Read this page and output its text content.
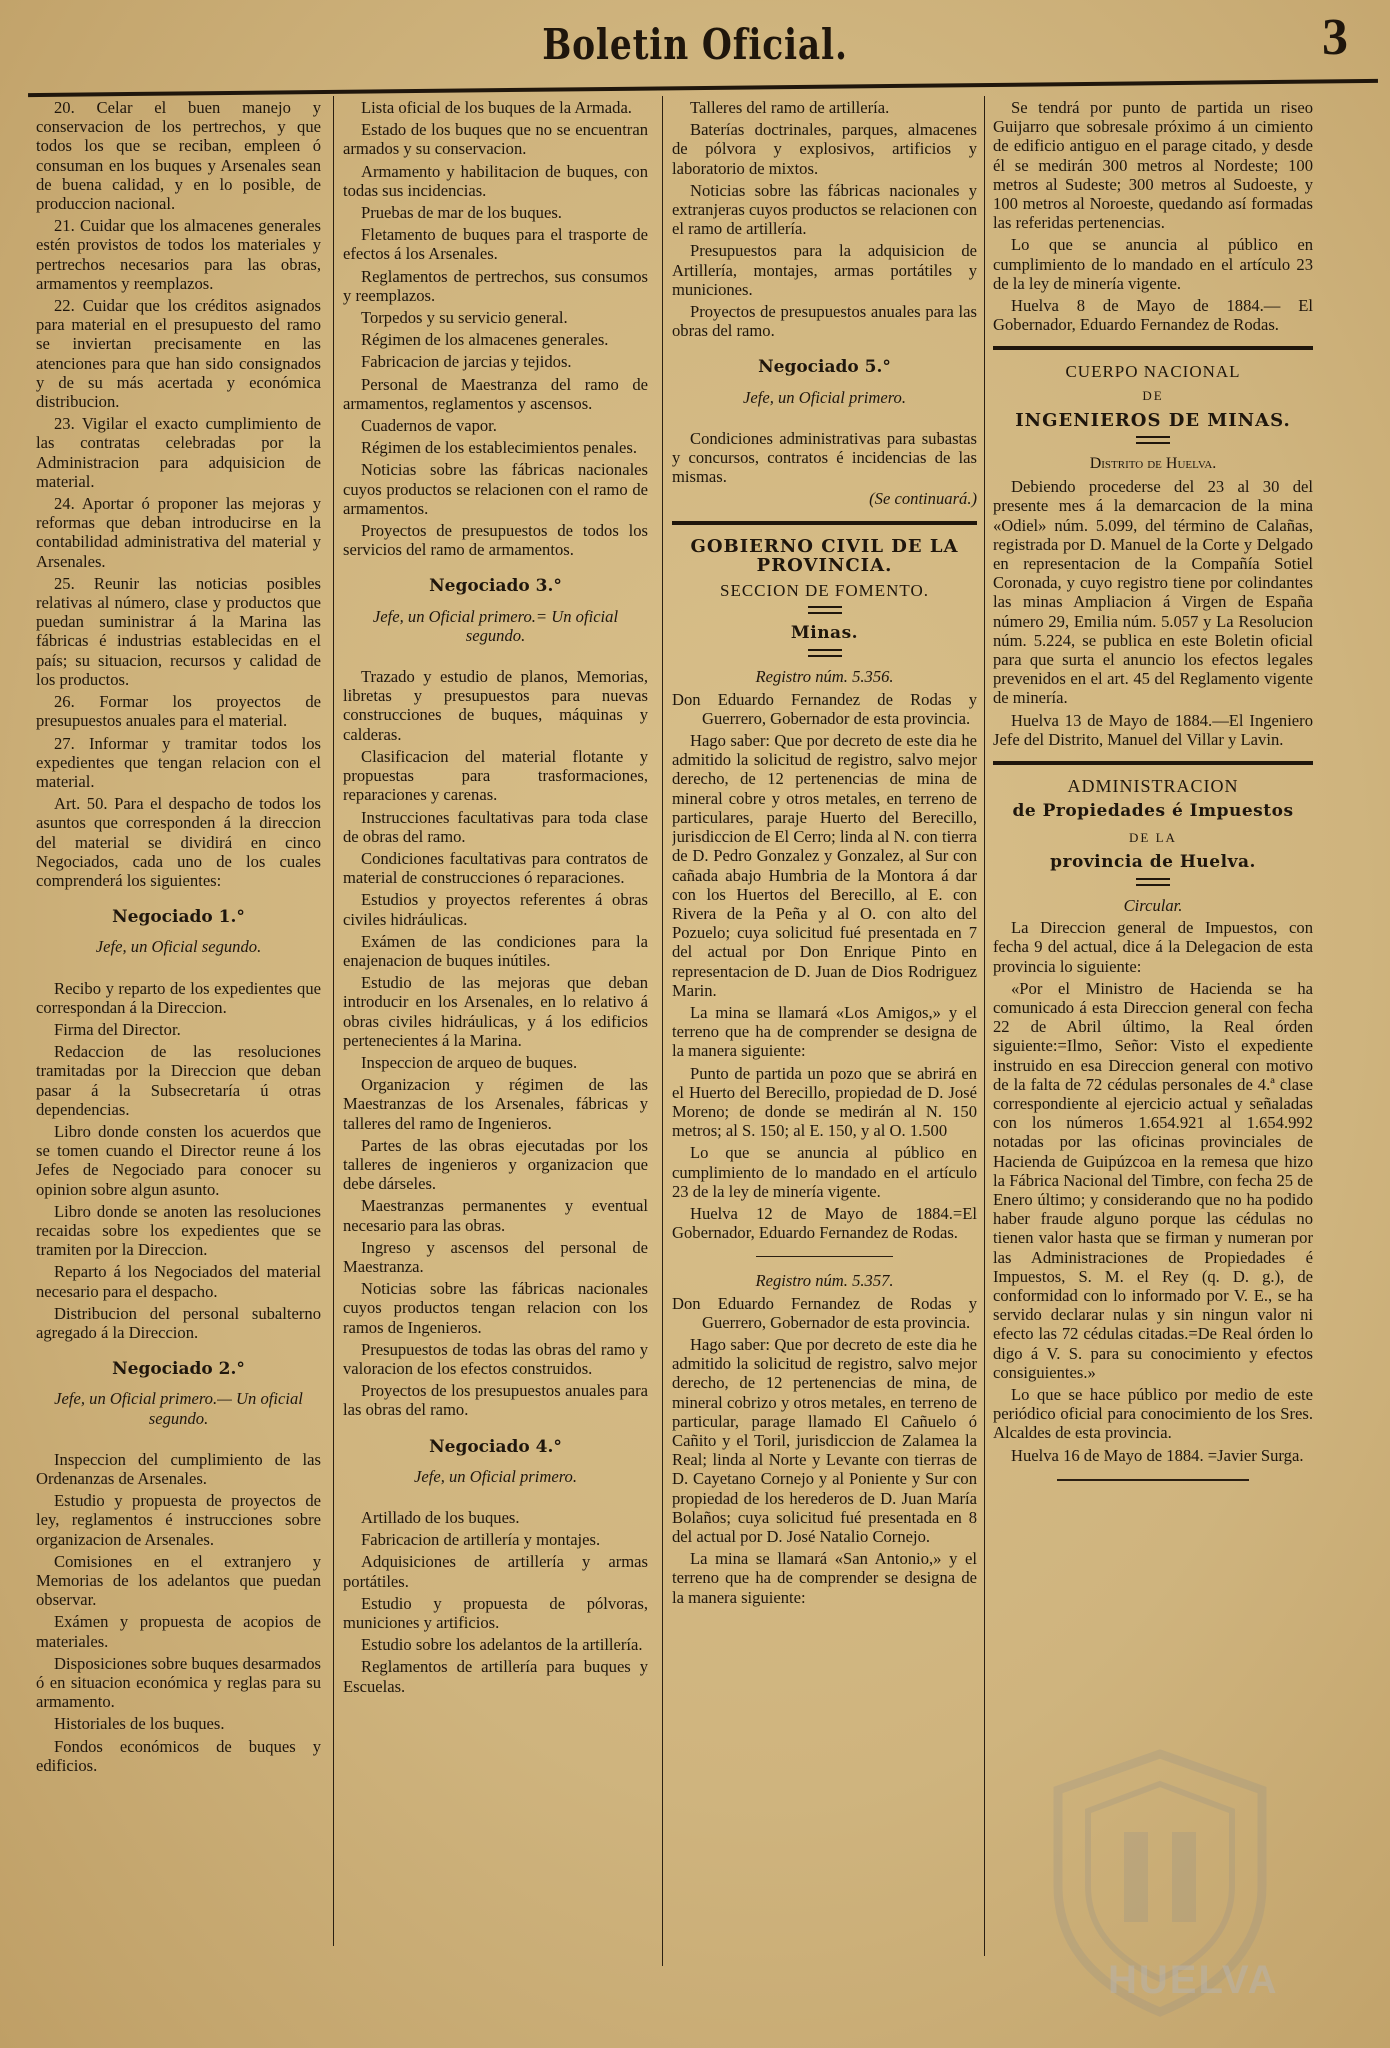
Boletin Oficial.	3

20. Celar el buen manejo y conservacion de los pertrechos, y que todos los que se reciban, empleen ó consuman en los buques y Arsenales sean de buena calidad, y en lo posible, de produccion nacional.

21. Cuidar que los almacenes generales estén provistos de todos los materiales y pertrechos necesarios para las obras, armamentos y reemplazos.

22. Cuidar que los créditos asignados para material en el presupuesto del ramo se inviertan precisamente en las atenciones para que han sido consignados y de su más acertada y económica distribucion.

23. Vigilar el exacto cumplimiento de las contratas celebradas por la Administracion para adquisicion de material.

24. Aportar ó proponer las mejoras y reformas que deban introducirse en la contabilidad administrativa del material y Arsenales.

25. Reunir las noticias posibles relativas al número, clase y productos que puedan suministrar á la Marina las fábricas é industrias establecidas en el país; su situacion, recursos y calidad de los productos.

26. Formar los proyectos de presupuestos anuales para el material.

27. Informar y tramitar todos los expedientes que tengan relacion con el material.

Art. 50. Para el despacho de todos los asuntos que corresponden á la direccion del material se dividirá en cinco Negociados, cada uno de los cuales comprenderá los siguientes:

Negociado 1.°
Jefe, un Oficial segundo.

Recibo y reparto de los expedientes que correspondan á la Direccion.

Firma del Director.

Redaccion de las resoluciones tramitadas por la Direccion que deban pasar á la Subsecretaría ú otras dependencias.

Libro donde consten los acuerdos que se tomen cuando el Director reune á los Jefes de Negociado para conocer su opinion sobre algun asunto.

Libro donde se anoten las resoluciones recaidas sobre los expedientes que se tramiten por la Direccion.

Reparto á los Negociados del material necesario para el despacho.

Distribucion del personal subalterno agregado á la Direccion.

Negociado 2.°
Jefe, un Oficial primero.— Un oficial segundo.

Inspeccion del cumplimiento de las Ordenanzas de Arsenales.

Estudio y propuesta de proyectos de ley, reglamentos é instrucciones sobre organizacion de Arsenales.

Comisiones en el extranjero y Memorias de los adelantos que puedan observar.

Exámen y propuesta de acopios de materiales.

Disposiciones sobre buques desarmados ó en situacion económica y reglas para su armamento.

Historiales de los buques.

Fondos económicos de buques y edificios.

Lista oficial de los buques de la Armada.

Estado de los buques que no se encuentran armados y su conservacion.

Armamento y habilitacion de buques, con todas sus incidencias.

Pruebas de mar de los buques.

Fletamento de buques para el trasporte de efectos á los Arsenales.

Reglamentos de pertrechos, sus consumos y reemplazos.

Torpedos y su servicio general.

Régimen de los almacenes generales.

Fabricacion de jarcias y tejidos.

Personal de Maestranza del ramo de armamentos, reglamentos y ascensos.

Cuadernos de vapor.

Régimen de los establecimientos penales.

Noticias sobre las fábricas nacionales cuyos productos se relacionen con el ramo de armamentos.

Proyectos de presupuestos de todos los servicios del ramo de armamentos.

Negociado 3.°
Jefe, un Oficial primero.= Un oficial segundo.

Trazado y estudio de planos, Memorias, libretas y presupuestos para nuevas construcciones de buques, máquinas y calderas.

Clasificacion del material flotante y propuestas para trasformaciones, reparaciones y carenas.

Instrucciones facultativas para toda clase de obras del ramo.

Condiciones facultativas para contratos de material de construcciones ó reparaciones.

Estudios y proyectos referentes á obras civiles hidráulicas.

Exámen de las condiciones para la enajenacion de buques inútiles.

Estudio de las mejoras que deban introducir en los Arsenales, en lo relativo á obras civiles hidráulicas, y á los edificios pertenecientes á la Marina.

Inspeccion de arqueo de buques.

Organizacion y régimen de las Maestranzas de los Arsenales, fábricas y talleres del ramo de Ingenieros.

Partes de las obras ejecutadas por los talleres de ingenieros y organizacion que debe dárseles.

Maestranzas permanentes y eventual necesario para las obras.

Ingreso y ascensos del personal de Maestranza.

Noticias sobre las fábricas nacionales cuyos productos tengan relacion con los ramos de Ingenieros.

Presupuestos de todas las obras del ramo y valoracion de los efectos construidos.

Proyectos de los presupuestos anuales para las obras del ramo.

Negociado 4.°
Jefe, un Oficial primero.

Artillado de los buques.

Fabricacion de artillería y montajes.

Adquisiciones de artillería y armas portátiles.

Estudio y propuesta de pólvoras, municiones y artificios.

Estudio sobre los adelantos de la artillería.

Reglamentos de artillería para buques y Escuelas.

Talleres del ramo de artillería.

Baterías doctrinales, parques, almacenes de pólvora y explosivos, artificios y laboratorio de mixtos.

Noticias sobre las fábricas nacionales y extranjeras cuyos productos se relacionen con el ramo de artillería.

Presupuestos para la adquisicion de Artillería, montajes, armas portátiles y municiones.

Proyectos de presupuestos anuales para las obras del ramo.

Negociado 5.°
Jefe, un Oficial primero.

Condiciones administrativas para subastas y concursos, contratos é incidencias de las mismas.

(Se continuará.)
GOBIERNO CIVIL DE LA PROVINCIA.
SECCION DE FOMENTO.
Minas.

Registro núm. 5.356.

Don Eduardo Fernandez de Rodas y Guerrero, Gobernador de esta provincia.

Hago saber: Que por decreto de este dia he admitido la solicitud de registro, salvo mejor derecho, de 12 pertenencias de mina de mineral cobre y otros metales, en terreno de particulares, paraje Huerto del Berecillo, jurisdiccion de El Cerro; linda al N. con tierra de D. Pedro Gonzalez y Gonzalez, al Sur con cañada abajo Humbria de la Montora á dar con los Huertos del Berecillo, al E. con Rivera de la Peña y al O. con alto del Pozuelo; cuya solicitud fué presentada en 7 del actual por Don Enrique Pinto en representacion de D. Juan de Dios Rodriguez Marin.

La mina se llamará «Los Amigos,» y el terreno que ha de comprender se designa de la manera siguiente:

Punto de partida un pozo que se abrirá en el Huerto del Berecillo, propiedad de D. José Moreno; de donde se medirán al N. 150 metros; al S. 150; al E. 150, y al O. 1.500

Lo que se anuncia al público en cumplimiento de lo mandado en el artículo 23 de la ley de minería vigente.

Huelva 12 de Mayo de 1884.=El Gobernador, Eduardo Fernandez de Rodas.

Registro núm. 5.357.

Don Eduardo Fernandez de Rodas y Guerrero, Gobernador de esta provincia.

Hago saber: Que por decreto de este dia he admitido la solicitud de registro, salvo mejor derecho, de 12 pertenencias de mina, de mineral cobrizo y otros metales, en terreno de particular, parage llamado El Cañuelo ó Cañito y el Toril, jurisdiccion de Zalamea la Real; linda al Norte y Levante con tierras de D. Cayetano Cornejo y al Poniente y Sur con propiedad de los herederos de D. Juan María Bolaños; cuya solicitud fué presentada en 8 del actual por D. José Natalio Cornejo.

La mina se llamará «San Antonio,» y el terreno que ha de comprender se designa de la manera siguiente:

Se tendrá por punto de partida un riseo Guijarro que sobresale próximo á un cimiento de edificio antiguo en el parage citado, y desde él se medirán 300 metros al Nordeste; 100 metros al Sudeste; 300 metros al Sudoeste, y 100 metros al Noroeste, quedando así formadas las referidas pertenencias.

Lo que se anuncia al público en cumplimiento de lo mandado en el artículo 23 de la ley de minería vigente.

Huelva 8 de Mayo de 1884.— El Gobernador, Eduardo Fernandez de Rodas.

CUERPO NACIONAL

DE

INGENIEROS DE MINAS.

Distrito de Huelva.

Debiendo procederse del 23 al 30 del presente mes á la demarcacion de la mina «Odiel» núm. 5.099, del término de Calañas, registrada por D. Manuel de la Corte y Delgado en representacion de la Compañía Sotiel Coronada, y cuyo registro tiene por colindantes las minas Ampliacion á Virgen de España número 29, Emilia núm. 5.057 y La Resolucion núm. 5.224, se publica en este Boletin oficial para que surta el anuncio los efectos legales prevenidos en el art. 45 del Reglamento vigente de minería.

Huelva 13 de Mayo de 1884.—El Ingeniero Jefe del Distrito, Manuel del Villar y Lavin.

ADMINISTRACION

de Propiedades é Impuestos

DE LA

provincia de Huelva.

Circular.

La Direccion general de Impuestos, con fecha 9 del actual, dice á la Delegacion de esta provincia lo siguiente:

«Por el Ministro de Hacienda se ha comunicado á esta Direccion general con fecha 22 de Abril último, la Real órden siguiente:=Ilmo, Señor: Visto el expediente instruido en esa Direccion general con motivo de la falta de 72 cédulas personales de 4.ª clase correspondiente al ejercicio actual y señaladas con los números 1.654.921 al 1.654.992 notadas por las oficinas provinciales de Hacienda de Guipúzcoa en la remesa que hizo la Fábrica Nacional del Timbre, con fecha 25 de Enero último; y considerando que no ha podido haber fraude alguno porque las cédulas no tienen valor hasta que se firman y numeran por las Administraciones de Propiedades é Impuestos, S. M. el Rey (q. D. g.), de conformidad con lo informado por V. E., se ha servido declarar nulas y sin ningun valor ni efecto las 72 cédulas citadas.=De Real órden lo digo á V. S. para su conocimiento y efectos consiguientes.»

Lo que se hace público por medio de este periódico oficial para conocimiento de los Sres. Alcaldes de esta provincia.

Huelva 16 de Mayo de 1884. =Javier Surga.

HUELVA
